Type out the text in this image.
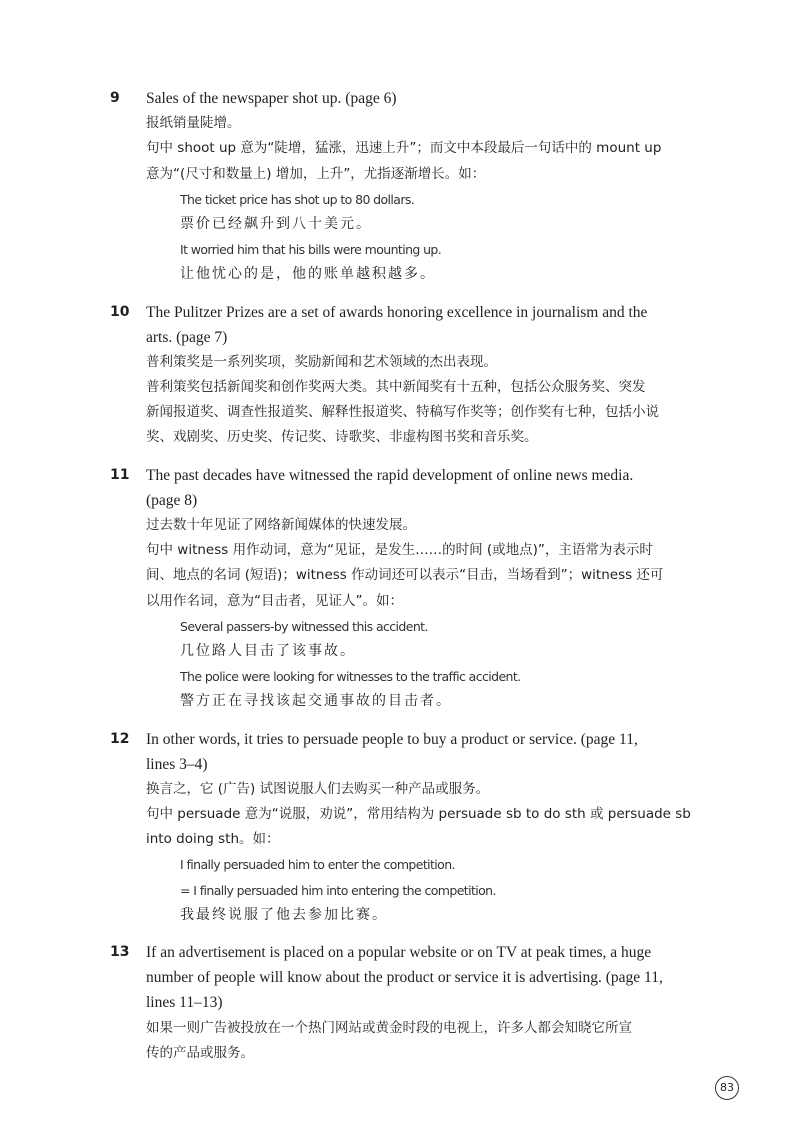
9 Sales of the newspaper shot up. (page 6)
报纸销量陡增。
句中 shoot up 意为“陡增，猛涨，迅速上升”；而文中本段最后一句话中的 mount up
意为“(尺寸和数量上) 增加，上升”，尤指逐渐增长。如：
The ticket price has shot up to 80 dollars.
票价已经飙升到八十美元。
It worried him that his bills were mounting up.
让他忧心的是，他的账单越积越多。
10 The Pulitzer Prizes are a set of awards honoring excellence in journalism and the
arts. (page 7)
普利策奖是一系列奖项，奖励新闻和艺术领域的杰出表现。
普利策奖包括新闻奖和创作奖两大类。其中新闻奖有十五种，包括公众服务奖、突发
新闻报道奖、调查性报道奖、解释性报道奖、特稿写作奖等；创作奖有七种，包括小说
奖、戏剧奖、历史奖、传记奖、诗歌奖、非虚构图书奖和音乐奖。
11 The past decades have witnessed the rapid development of online news media.
(page 8)
过去数十年见证了网络新闻媒体的快速发展。
句中 witness 用作动词，意为“见证，是发生……的时间 (或地点)”，主语常为表示时
间、地点的名词 (短语)；witness 作动词还可以表示“目击，当场看到”；witness 还可
以用作名词，意为“目击者，见证人”。如：
Several passers-by witnessed this accident.
几位路人目击了该事故。
The police were looking for witnesses to the traffic accident.
警方正在寻找该起交通事故的目击者。
12 In other words, it tries to persuade people to buy a product or service. (page 11,
lines 3–4)
换言之，它 (广告) 试图说服人们去购买一种产品或服务。
句中 persuade 意为“说服，劝说”，常用结构为 persuade sb to do sth 或 persuade sb
into doing sth。如：
I finally persuaded him to enter the competition.
= I finally persuaded him into entering the competition.
我最终说服了他去参加比赛。
13 If an advertisement is placed on a popular website or on TV at peak times, a huge
number of people will know about the product or service it is advertising. (page 11,
lines 11–13)
如果一则广告被投放在一个热门网站或黄金时段的电视上，许多人都会知晓它所宣
传的产品或服务。
83
